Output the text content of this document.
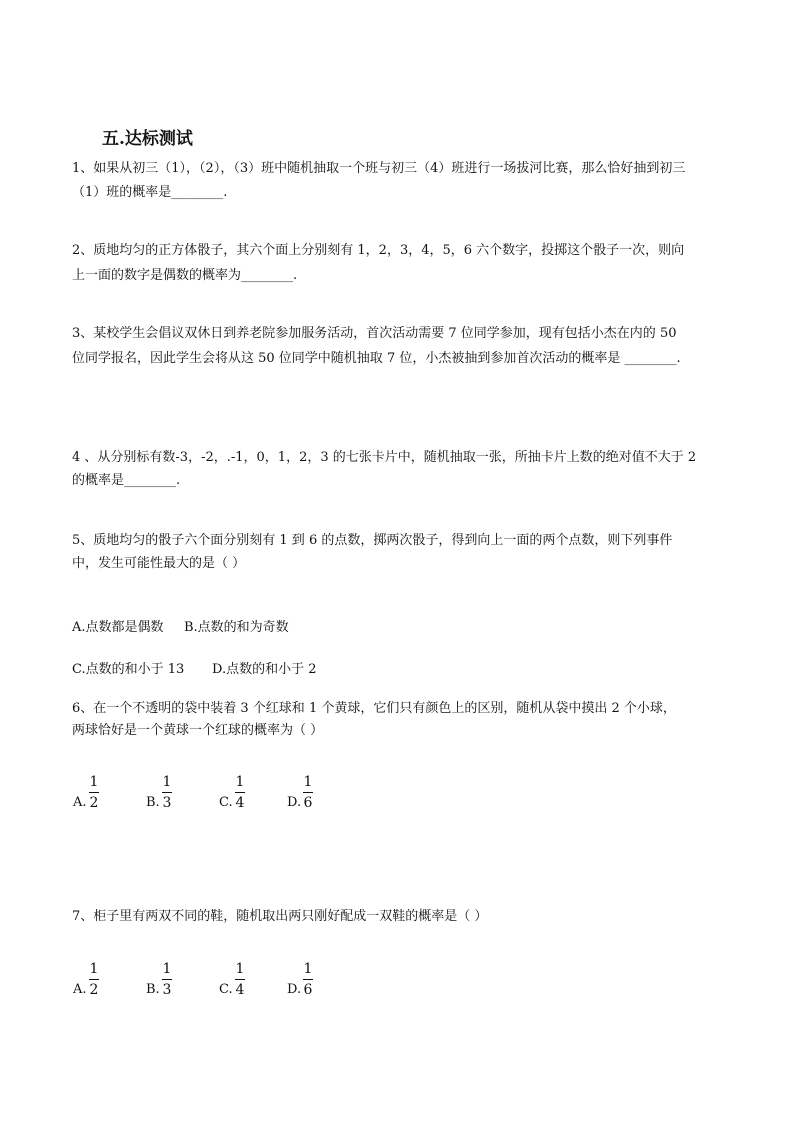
五.达标测试
1、如果从初三（1），（2），（3）班中随机抽取一个班与初三（4）班进行一场拔河比赛，那么恰好抽到初三
（1）班的概率是________.
2、质地均匀的正方体骰子，其六个面上分别刻有 1，2，3，4，5，6 六个数字，投掷这个骰子一次，则向
上一面的数字是偶数的概率为________.
3、某校学生会倡议双休日到养老院参加服务活动，首次活动需要 7 位同学参加，现有包括小杰在内的 50
位同学报名，因此学生会将从这 50 位同学中随机抽取 7 位，小杰被抽到参加首次活动的概率是 ________.
4 、从分别标有数-3，-2，.-1，0，1，2，3 的七张卡片中，随机抽取一张，所抽卡片上数的绝对值不大于 2
的概率是________.
5、质地均匀的骰子六个面分别刻有 1 到 6 的点数，掷两次骰子，得到向上一面的两个点数，则下列事件
中，发生可能性最大的是（ ）
A.点数都是偶数 B.点数的和为奇数
C.点数的和小于 13 D.点数的和小于 2
6、在一个不透明的袋中装着 3 个红球和 1 个黄球，它们只有颜色上的区别，随机从袋中摸出 2 个小球，
两球恰好是一个黄球一个红球的概率为（ ）
A.
1
2	B.
1
3	C.
1
4	D.
1
6
7、柜子里有两双不同的鞋，随机取出两只刚好配成一双鞋的概率是（ ）
A.
1
2	B.
1
3	C.
1
4	D.
1
6
